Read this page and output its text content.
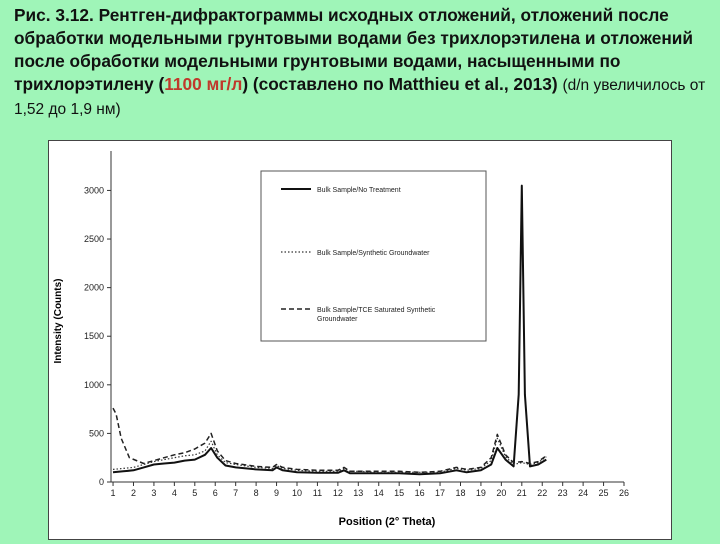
Рис. 3.12. Рентген-дифрактограммы исходных отложений, отложений после обработки модельными грунтовыми водами без трихлорэтилена и отложений после обработки модельными грунтовыми водами, насыщенными по трихлорэтилену (1100 мг/л) (составлено по Matthieu et al., 2013) (d/n увеличилось от 1,52 до 1,9 нм)
0
500
1000
1500
2000
2500
3000
1 2 3 4 5 6 7 8 9 10 11 12 13 14 15 16 17 18 19 20 21 22 23 24 25 26
Bulk Sample/No Treatment
Bulk Sample/Synthetic Groundwater
Bulk Sample/TCE Saturated Synthetic Groundwater
Intensity (Counts)
Position (2° Theta)
